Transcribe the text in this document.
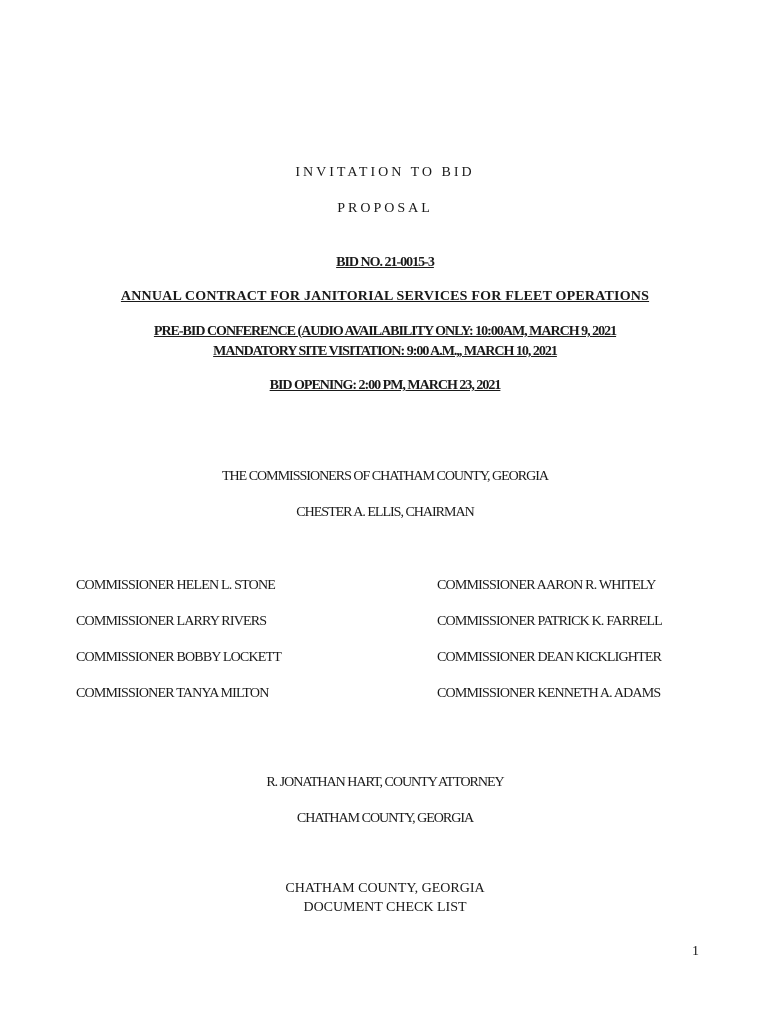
INVITATION TO BID
PROPOSAL
BID NO. 21-0015-3
ANNUAL CONTRACT FOR JANITORIAL SERVICES FOR FLEET OPERATIONS
PRE-BID CONFERENCE (AUDIO AVAILABILITY ONLY: 10:00AM, MARCH 9, 2021
MANDATORY SITE VISITATION: 9:00 A.M.,, MARCH 10, 2021
BID OPENING: 2:00 PM, MARCH 23, 2021
THE COMMISSIONERS OF CHATHAM COUNTY, GEORGIA
CHESTER A. ELLIS, CHAIRMAN
COMMISSIONER HELEN L. STONE
COMMISSIONER LARRY RIVERS
COMMISSIONER BOBBY LOCKETT
COMMISSIONER TANYA MILTON
COMMISSIONER AARON R. WHITELY
COMMISSIONER PATRICK K. FARRELL
COMMISSIONER DEAN KICKLIGHTER
COMMISSIONER KENNETH A. ADAMS
R. JONATHAN HART, COUNTY ATTORNEY
CHATHAM COUNTY, GEORGIA
CHATHAM COUNTY, GEORGIA
DOCUMENT CHECK LIST
1
